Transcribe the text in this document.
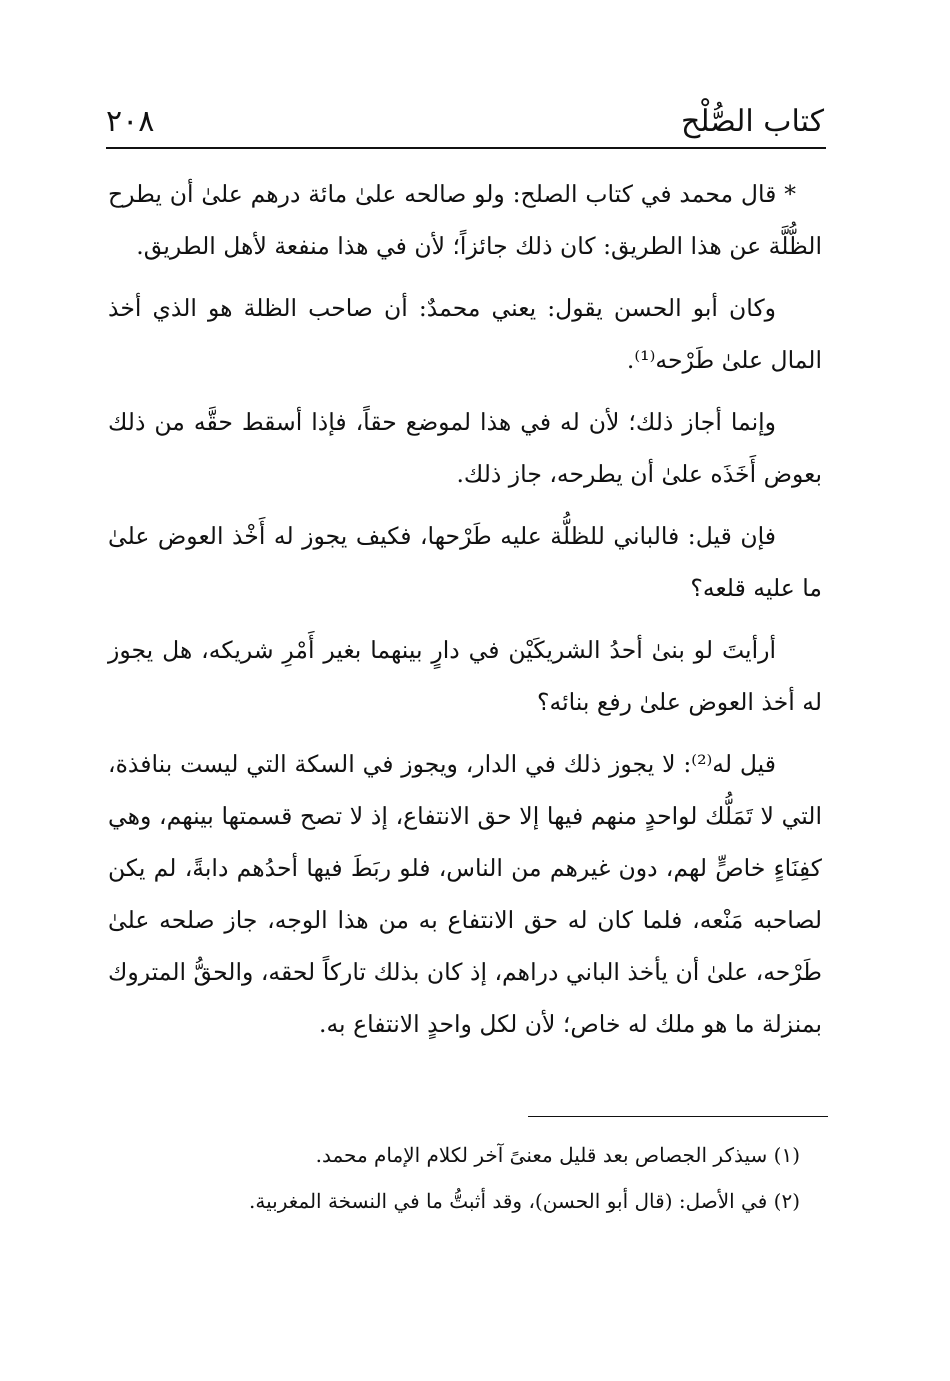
كتاب الصُّلْح
٢٠٨

* قال محمد في كتاب الصلح: ولو صالحه علىٰ مائة درهم علىٰ أن يطرح الظُّلَّة عن هذا الطريق: كان ذلك جائزاً؛ لأن في هذا منفعة لأهل الطريق.

وكان أبو الحسن يقول: يعني محمدٌ: أن صاحب الظلة هو الذي أخذ المال علىٰ طَرْحه⁽¹⁾.

وإنما أجاز ذلك؛ لأن له في هذا لموضع حقاً، فإذا أسقط حقَّه من ذلك بعوض أَخَذَه علىٰ أن يطرحه، جاز ذلك.

فإن قيل: فالباني للظلُّة عليه طَرْحها، فكيف يجوز له أَخْذ العوض علىٰ ما عليه قلعه؟

أرأيتَ لو بنىٰ أحدُ الشريكَيْن في دارٍ بينهما بغير أَمْرِ شريكه، هل يجوز له أخذ العوض علىٰ رفع بنائه؟

قيل له⁽²⁾: لا يجوز ذلك في الدار، ويجوز في السكة التي ليست بنافذة، التي لا تَمَلُّك لواحدٍ منهم فيها إلا حق الانتفاع، إذ لا تصح قسمتها بينهم، وهي كفِنَاءٍ خاصٍّ لهم، دون غيرهم من الناس، فلو ربَطَ فيها أحدُهم دابةً، لم يكن لصاحبه مَنْعه، فلما كان له حق الانتفاع به من هذا الوجه، جاز صلحه علىٰ طَرْحه، علىٰ أن يأخذ الباني دراهم، إذ كان بذلك تاركاً لحقه، والحقُّ المتروك بمنزلة ما هو ملك له خاص؛ لأن لكل واحدٍ الانتفاع به.

(١) سيذكر الجصاص بعد قليل معنىً آخر لكلام الإمام محمد.

(٢) في الأصل: (قال أبو الحسن)، وقد أثبتُّ ما في النسخة المغربية.
